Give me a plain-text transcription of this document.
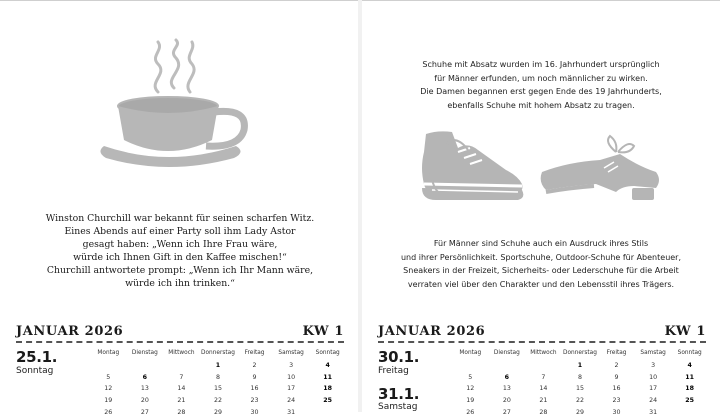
Winston Churchill war bekannt für seinen scharfen Witz.
Eines Abends auf einer Party soll ihm Lady Astor
gesagt haben: „Wenn ich Ihre Frau wäre,
würde ich Ihnen Gift in den Kaffee mischen!“
Churchill antwortete prompt: „Wenn ich Ihr Mann wäre,
würde ich ihn trinken.“
JANUAR 2026	KW 1
25.1.
Sonntag
Montag	Dienstag	Mittwoch	Donnerstag	Freitag	Samstag	Sonntag
			1	2	3	4
5	6	7	8	9	10	11
12	13	14	15	16	17	18
19	20	21	22	23	24	25
26	27	28	29	30	31	
Schuhe mit Absatz wurden im 16. Jahrhundert ursprünglich
für Männer erfunden, um noch männlicher zu wirken.
Die Damen begannen erst gegen Ende des 19 Jahrhunderts,
ebenfalls Schuhe mit hohem Absatz zu tragen.
Für Männer sind Schuhe auch ein Ausdruck ihres Stils
und ihrer Persönlichkeit. Sportschuhe, Outdoor-Schuhe für Abenteuer,
Sneakers in der Freizeit, Sicherheits- oder Lederschuhe für die Arbeit
verraten viel über den Charakter und den Lebensstil ihres Trägers.
JANUAR 2026	KW 1
30.1.
Freitag
31.1.
Samstag
Montag	Dienstag	Mittwoch	Donnerstag	Freitag	Samstag	Sonntag
			1	2	3	4
5	6	7	8	9	10	11
12	13	14	15	16	17	18
19	20	21	22	23	24	25
26	27	28	29	30	31	
